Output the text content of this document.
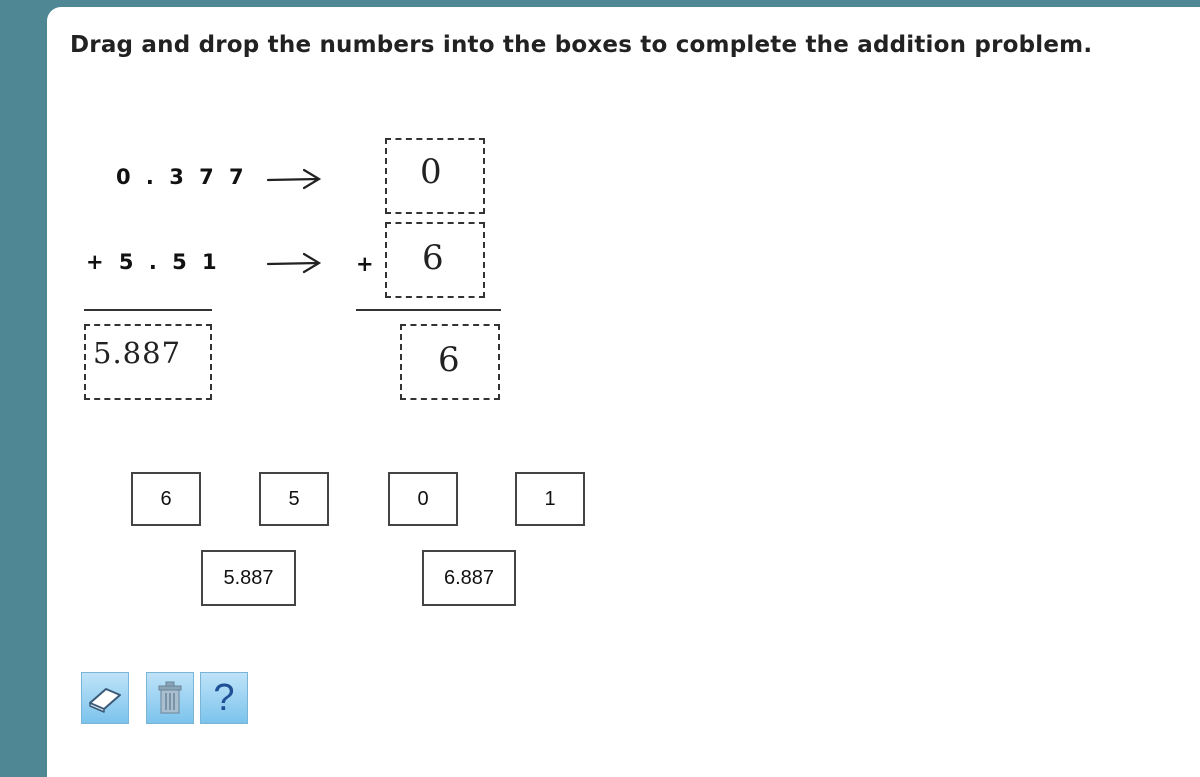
Drag and drop the numbers into the boxes to complete the addition problem.
0 . 3 7 7
+ 5 . 5 1
5.887
0
+ 6
6
6	5	0	1
5.887	6.887
?
